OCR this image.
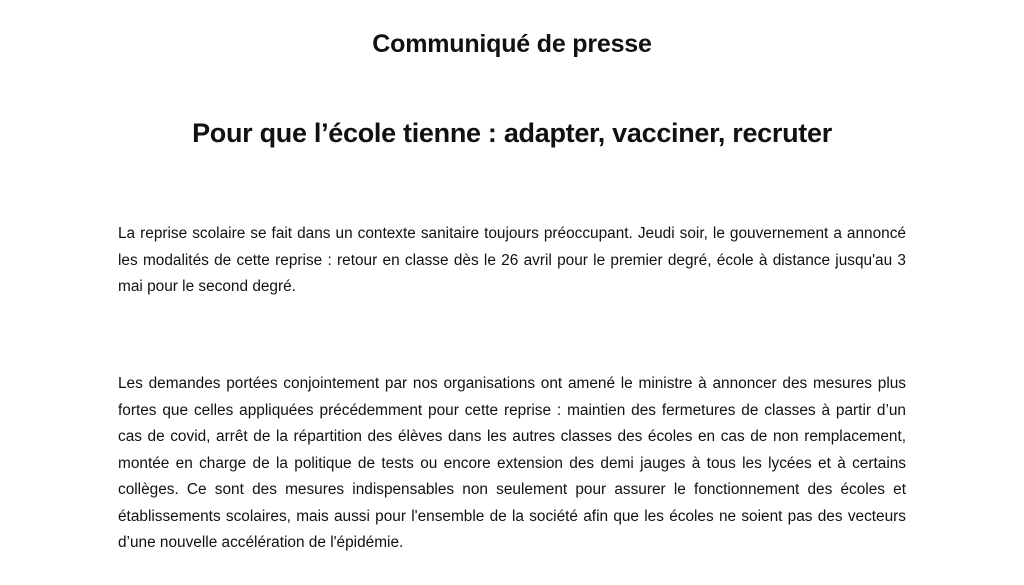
Communiqué de presse
Pour que l’école tienne : adapter, vacciner, recruter

La reprise scolaire se fait dans un contexte sanitaire toujours préoccupant. Jeudi soir, le gouvernement a annoncé les modalités de cette reprise : retour en classe dès le 26 avril pour le premier degré, école à distance jusqu'au 3 mai pour le second degré.

Les demandes portées conjointement par nos organisations ont amené le ministre à annoncer des mesures plus fortes que celles appliquées précédemment pour cette reprise : maintien des fermetures de classes à partir d’un cas de covid, arrêt de la répartition des élèves dans les autres classes des écoles en cas de non remplacement, montée en charge de la politique de tests ou encore extension des demi jauges à tous les lycées et à certains collèges. Ce sont des mesures indispensables non seulement pour assurer le fonctionnement des écoles et établissements scolaires, mais aussi pour l'ensemble de la société afin que les écoles ne soient pas des vecteurs d’une nouvelle accélération de l'épidémie.
